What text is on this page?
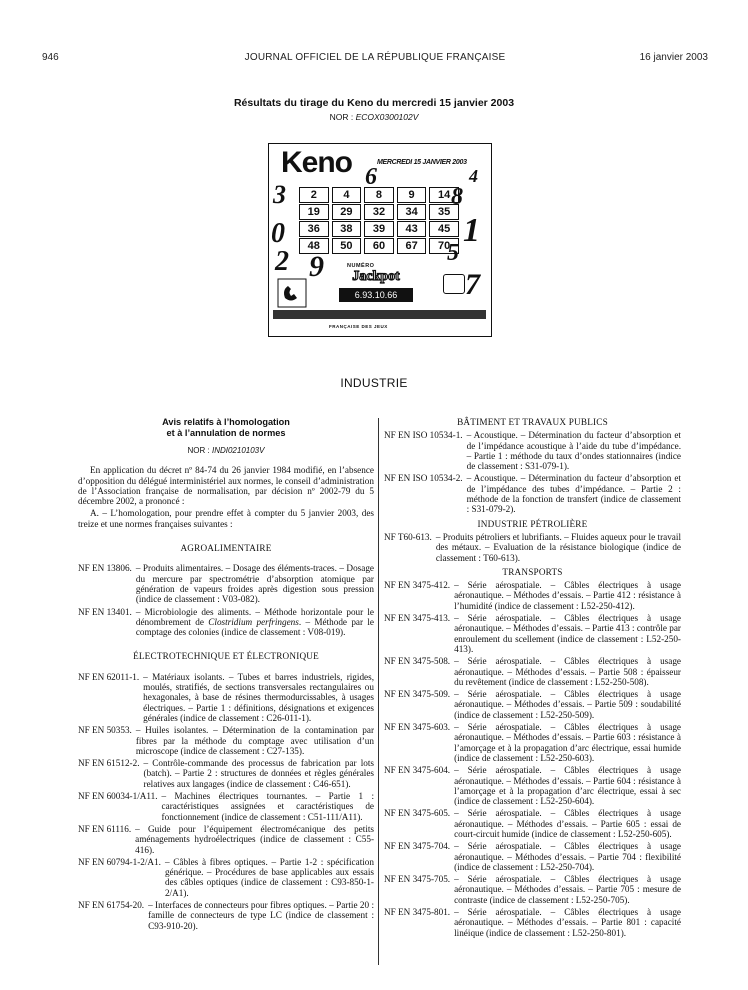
946	JOURNAL OFFICIEL DE LA RÉPUBLIQUE FRANÇAISE	16 janvier 2003
Résultats du tirage du Keno du mercredi 15 janvier 2003
NOR : ECOX0300102V
Keno	MERCREDI 15 JANVIER 2003
3
6	4
8
0	1
2 9	5
7
2	4	8	9	14
19	29	32	34	35
36	38	39	43	45
48	50	60	67	70
NUMÉRO
Jackpot
6.93.10.66
FRANÇAISE DES JEUX
INDUSTRIE
Avis relatifs à l’homologation
et à l’annulation de normes
NOR : INDI0210103V

En application du décret nº 84-74 du 26 janvier 1984 modifié, en l’absence d’opposition du délégué interministériel aux normes, le conseil d’administration de l’Association française de normalisation, par décision nº 2002-79 du 5 décembre 2002, a prononcé :

A. – L’homologation, pour prendre effet à compter du 5 janvier 2003, des treize et une normes françaises suivantes :

AGROALIMENTAIRE
NF EN 13806. – Produits alimentaires. – Dosage des éléments-traces. – Dosage du mercure par spectrométrie d’absorption atomique par génération de vapeurs froides après digestion sous pression (indice de classement : V03-082).
NF EN 13401. – Microbiologie des aliments. – Méthode horizontale pour le dénombrement de Clostridium perfringens. – Méthode par le comptage des colonies (indice de classement : V08-019).
ÉLECTROTECHNIQUE ET ÉLECTRONIQUE
NF EN 62011-1. – Matériaux isolants. – Tubes et barres industriels, rigides, moulés, stratifiés, de sections transversales rectangulaires ou hexagonales, à base de résines thermodurcissables, à usages électriques. – Partie 1 : définitions, désignations et exigences générales (indice de classement : C26-011-1).
NF EN 50353. – Huiles isolantes. – Détermination de la contamination par fibres par la méthode du comptage avec utilisation d’un microscope (indice de classement : C27-135).
NF EN 61512-2. – Contrôle-commande des processus de fabrication par lots (batch). – Partie 2 : structures de données et règles générales relatives aux langages (indice de classement : C46-651).
NF EN 60034-1/A11. – Machines électriques tournantes. – Partie 1 : caractéristiques assignées et caractéristiques de fonctionnement (indice de classement : C51-111/A11).
NF EN 61116. – Guide pour l’équipement électromécanique des petits aménagements hydroélectriques (indice de classement : C55-416).
NF EN 60794-1-2/A1. – Câbles à fibres optiques. – Partie 1-2 : spécification générique. – Procédures de base applicables aux essais des câbles optiques (indice de classement : C93-850-1-2/A1).
NF EN 61754-20. – Interfaces de connecteurs pour fibres optiques. – Partie 20 : famille de connecteurs de type LC (indice de classement : C93-910-20).
BÂTIMENT ET TRAVAUX PUBLICS
NF EN ISO 10534-1. – Acoustique. – Détermination du facteur d’absorption et de l’impédance acoustique à l’aide du tube d’impédance. – Partie 1 : méthode du taux d’ondes stationnaires (indice de classement : S31-079-1).
NF EN ISO 10534-2. – Acoustique. – Détermination du facteur d’absorption et de l’impédance des tubes d’impédance. – Partie 2 : méthode de la fonction de transfert (indice de classement : S31-079-2).
INDUSTRIE PÉTROLIÈRE
NF T60-613. – Produits pétroliers et lubrifiants. – Fluides aqueux pour le travail des métaux. – Evaluation de la résistance biologique (indice de classement : T60-613).
TRANSPORTS
NF EN 3475-412. – Série aérospatiale. – Câbles électriques à usage aéronautique. – Méthodes d’essais. – Partie 412 : résistance à l’humidité (indice de classement : L52-250-412).
NF EN 3475-413. – Série aérospatiale. – Câbles électriques à usage aéronautique. – Méthodes d’essais. – Partie 413 : contrôle par enroulement du scellement (indice de classement : L52-250-413).
NF EN 3475-508. – Série aérospatiale. – Câbles électriques à usage aéronautique. – Méthodes d’essais. – Partie 508 : épaisseur du revêtement (indice de classement : L52-250-508).
NF EN 3475-509. – Série aérospatiale. – Câbles électriques à usage aéronautique. – Méthodes d’essais. – Partie 509 : soudabilité (indice de classement : L52-250-509).
NF EN 3475-603. – Série aérospatiale. – Câbles électriques à usage aéronautique. – Méthodes d’essais. – Partie 603 : résistance à l’amorçage et à la propagation d’arc électrique, essai humide (indice de classement : L52-250-603).
NF EN 3475-604. – Série aérospatiale. – Câbles électriques à usage aéronautique. – Méthodes d’essais. – Partie 604 : résistance à l’amorçage et à la propagation d’arc électrique, essai à sec (indice de classement : L52-250-604).
NF EN 3475-605. – Série aérospatiale. – Câbles électriques à usage aéronautique. – Méthodes d’essais. – Partie 605 : essai de court-circuit humide (indice de classement : L52-250-605).
NF EN 3475-704. – Série aérospatiale. – Câbles électriques à usage aéronautique. – Méthodes d’essais. – Partie 704 : flexibilité (indice de classement : L52-250-704).
NF EN 3475-705. – Série aérospatiale. – Câbles électriques à usage aéronautique. – Méthodes d’essais. – Partie 705 : mesure de contraste (indice de classement : L52-250-705).
NF EN 3475-801. – Série aérospatiale. – Câbles électriques à usage aéronautique. – Méthodes d’essais. – Partie 801 : capacité linéique (indice de classement : L52-250-801).
